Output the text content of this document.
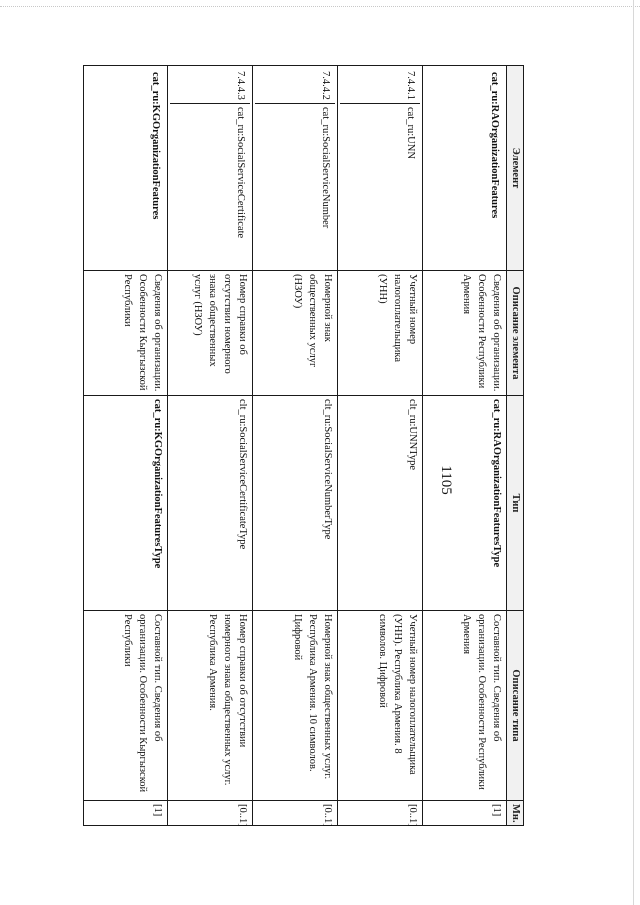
1105
Элемент	Описание элемента	Тип	Описание типа	Мн.

cat_ru:RAOrganizationFeatures	Сведения об организации. Особенности Республики Армения	cat_ru:RAOrganizationFeaturesType	Составной тип. Сведения об организации. Особенности Республики Армения	[1]

7.4.4.1
cat_ru:UNN	Учетный номер налогоплательщика (УНН)	clt_ru:UNNType	Учетный номер налогоплательщика (УНН). Республика Армения. 8 символов. Цифровой	[0..1]

7.4.4.2
cat_ru:SocialServiceNumber	Номерной знак общественных услуг (НЗОУ)	clt_ru:SocialServiceNumberType	Номерной знак общественных услуг. Республика Армения. 10 символов. Цифровой	[0..1]

7.4.4.3
cat_ru:SocialServiceCertificate	Номер справки об отсутствии номерного знака общественных услуг (НЗОУ)	clt_ru:SocialServiceCertificateType	Номер справки об отсутствии номерного знака общественных услуг. Республика Армения.	[0..1]

cat_ru:KGOrganizationFeatures	Сведения об организации. Особенности Кыргызской Республики	cat_ru:KGOrganizationFeaturesType	Составной тип. Сведения об организации. Особенности Кыргызской Республики	[1]
